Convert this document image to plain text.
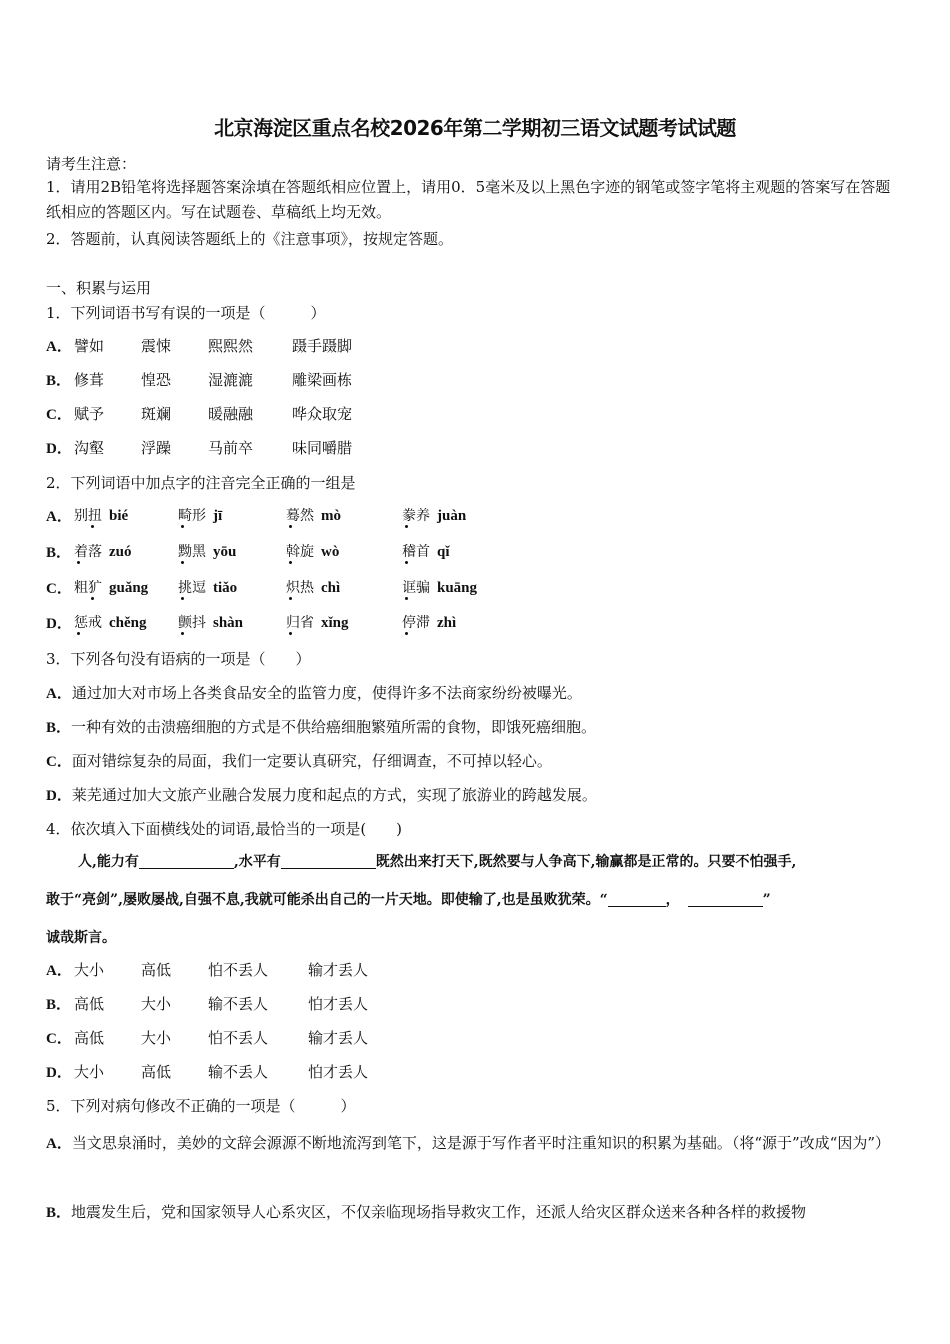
北京海淀区重点名校2026年第二学期初三语文试题考试试题
请考生注意：
1．请用2B铅笔将选择题答案涂填在答题纸相应位置上，请用0．5毫米及以上黑色字迹的钢笔或签字笔将主观题的答案写在答题纸相应的答题区内。写在试题卷、草稿纸上均无效。
2．答题前，认真阅读答题纸上的《注意事项》，按规定答题。
一、积累与运用
1．下列词语书写有误的一项是（　　　）
A． 譬如 震悚 熙熙然	蹑手蹑脚
B． 修葺 惶恐 湿漉漉	雕梁画栋
C． 赋予 斑斓 暖融融	哗众取宠
D． 沟壑 浮躁 马前卒	味同嚼腊
2．下列词语中加点字的注音完全正确的一组是
A． 别扭 bié	畸形 jī	蓦然 mò	豢养 juàn
B． 着落 zuó	黝黑 yōu	斡旋 wò	稽首 qǐ
C． 粗犷 guǎng 挑逗 tiǎo	炽热 chì	诓骗 kuāng
D． 惩戒 chěng 颤抖 shàn	归省 xǐng	停滞 zhì
3．下列各句没有语病的一项是（　　）
A．通过加大对市场上各类食品安全的监管力度，使得许多不法商家纷纷被曝光。
B．一种有效的击溃癌细胞的方式是不供给癌细胞繁殖所需的食物，即饿死癌细胞。
C．面对错综复杂的局面，我们一定要认真研究，仔细调查，不可掉以轻心。
D．莱芜通过加大文旅产业融合发展力度和起点的方式，实现了旅游业的跨越发展。
4．依次填入下面横线处的词语,最恰当的一项是(　　)
人,能力有	,水平有	既然出来打天下,既然要与人争高下,输赢都是正常的。只要不怕强手,
敢于“亮剑”,屡败屡战,自强不息,我就可能杀出自己的一片天地。即使输了,也是虽败犹荣。“	，	”
诚哉斯言。
A． 大小 高低 怕不丢人	输才丢人
B． 高低 大小 输不丢人	怕才丢人
C． 高低 大小 怕不丢人	输才丢人
D． 大小 高低 输不丢人	怕才丢人
5．下列对病句修改不正确的一项是（　　　）
A．当文思泉涌时，美妙的文辞会源源不断地流泻到笔下，这是源于写作者平时注重知识的积累为基础。（将“源于”改成“因为”）
B．地震发生后，党和国家领导人心系灾区，不仅亲临现场指导救灾工作，还派人给灾区群众送来各种各样的救援物
